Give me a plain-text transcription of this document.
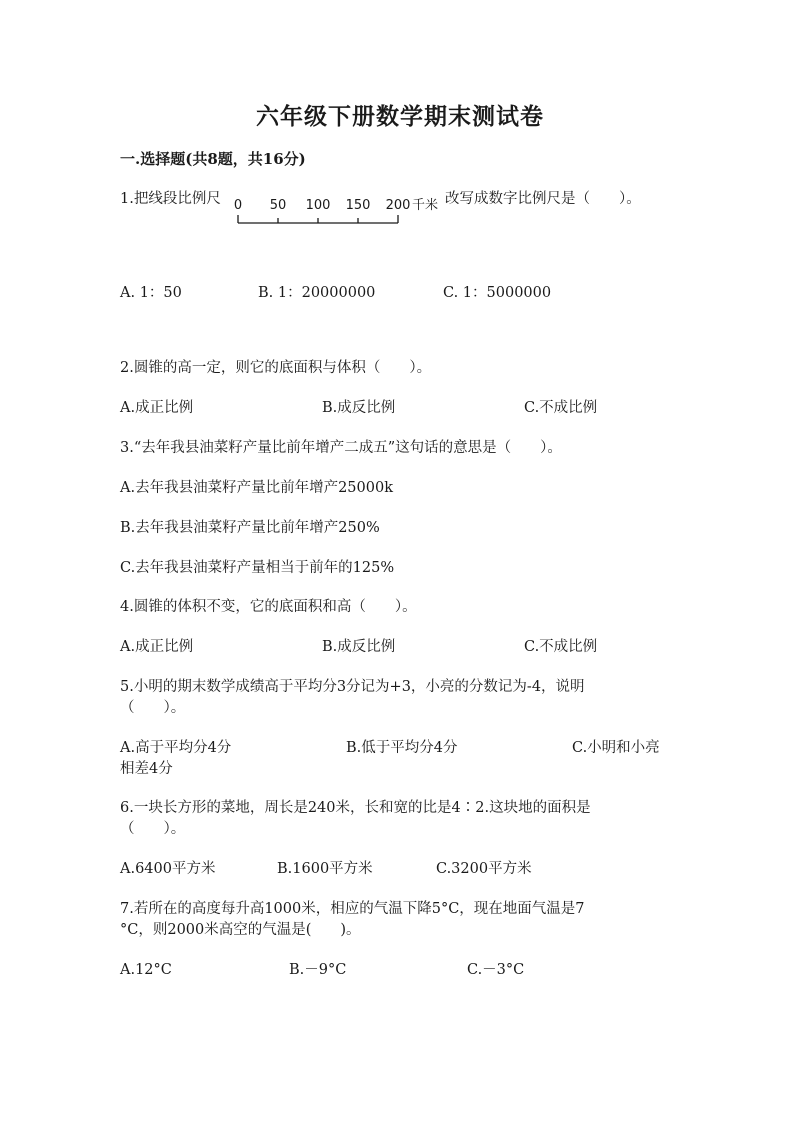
六年级下册数学期末测试卷
一.选择题(共8题，共16分)
1.把线段比例尺 0 50 100 150 200 千米 改写成数字比例尺是（　　）。
A. 1：50	B. 1：20000000	C. 1：5000000
2.圆锥的高一定，则它的底面积与体积（　　）。
A.成正比例	B.成反比例	C.不成比例
3.“去年我县油菜籽产量比前年增产二成五”这句话的意思是（　　）。
A.去年我县油菜籽产量比前年增产25000k
B.去年我县油菜籽产量比前年增产250%
C.去年我县油菜籽产量相当于前年的125%
4.圆锥的体积不变，它的底面积和高（　　）。
A.成正比例	B.成反比例	C.不成比例
5.小明的期末数学成绩高于平均分3分记为+3，小亮的分数记为-4，说明
（　　）。
A.高于平均分4分	B.低于平均分4分	C.小明和小亮
相差4分
6.一块长方形的菜地，周长是240米，长和宽的比是4∶2.这块地的面积是
（　　）。
A.6400平方米	B.1600平方米	C.3200平方米
7.若所在的高度每升高1000米，相应的气温下降5°C，现在地面气温是7
°C，则2000米高空的气温是(　　)。
A.12°C	B.－9°C	C.－3°C
